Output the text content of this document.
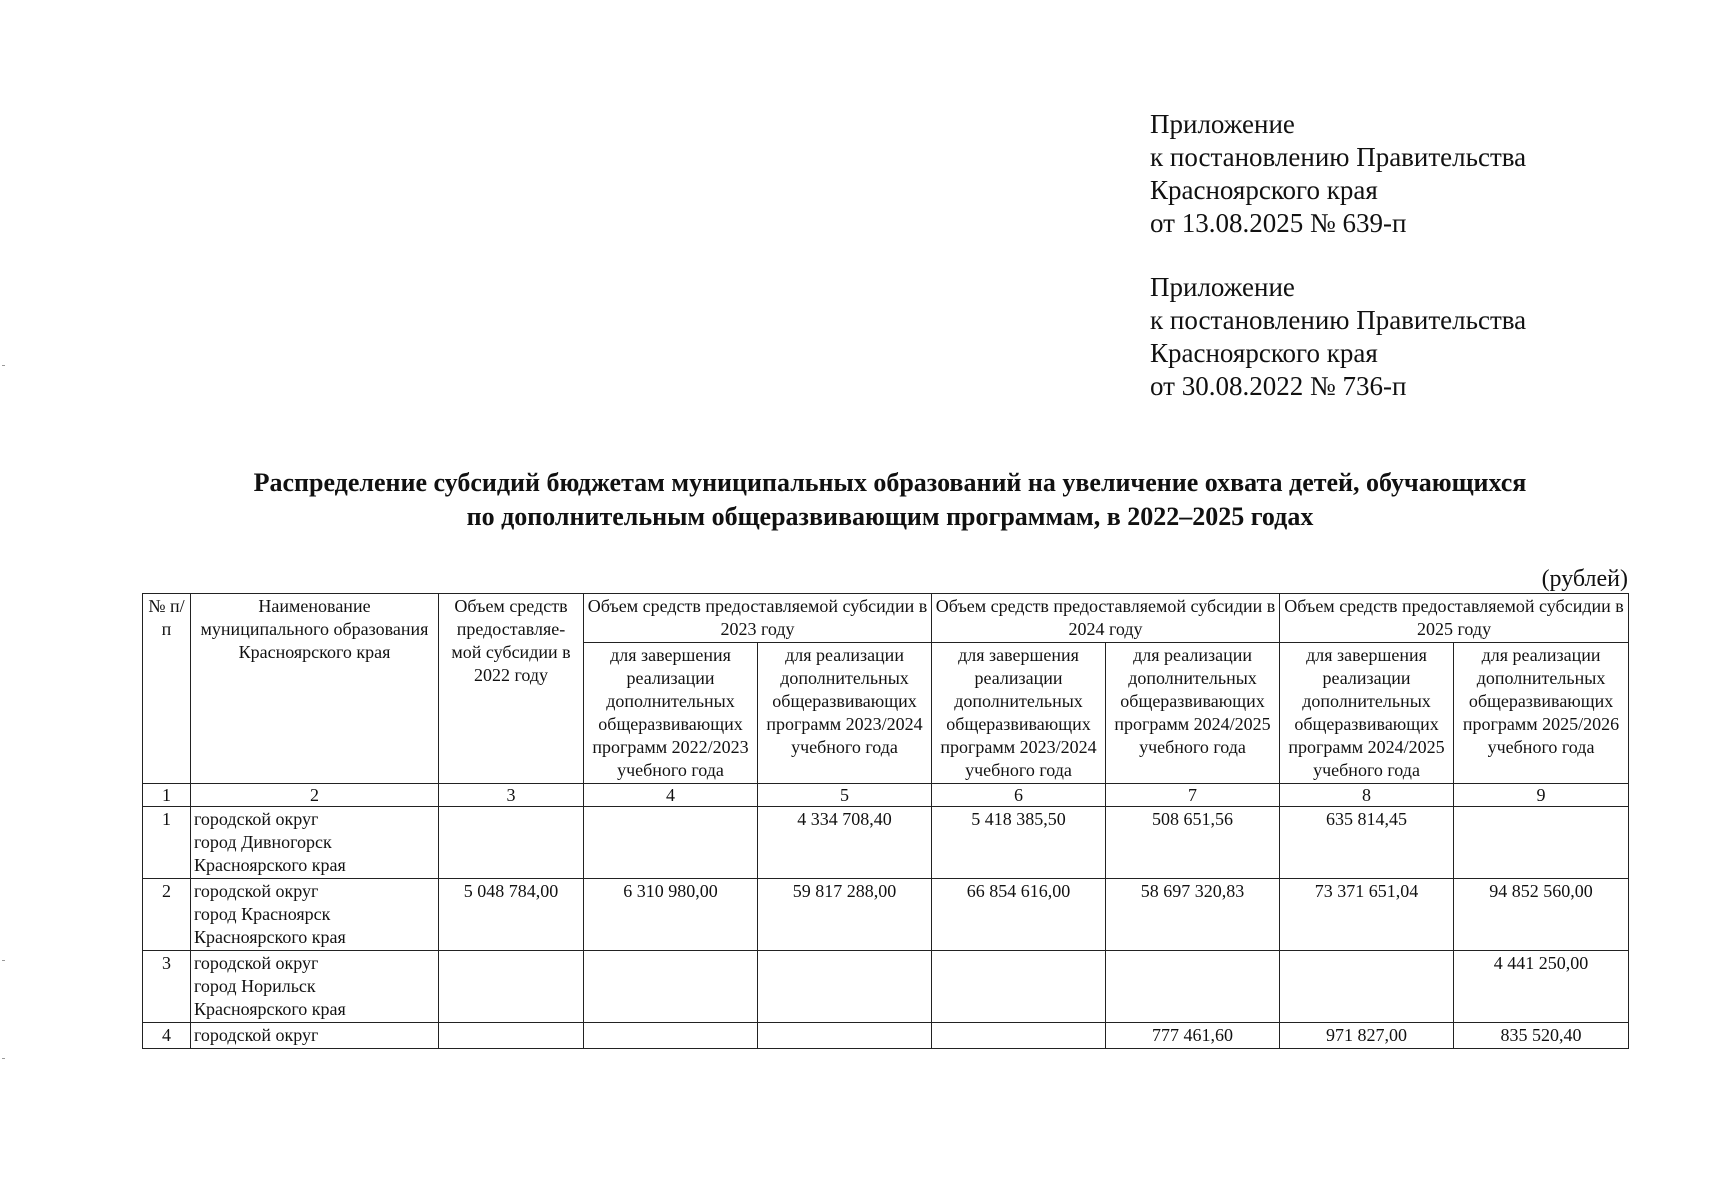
Приложение
к постановлению Правительства
Красноярского края
от 13.08.2025 № 639-п
Приложение
к постановлению Правительства
Красноярского края
от 30.08.2022 № 736-п
Распределение субсидий бюджетам муниципальных образований на увеличение охвата детей, обучающихся
по дополнительным общеразвивающим программам, в 2022–2025 годах
(рублей)
№ п/п	Наименование муниципального образования Красноярского края	Объем средств предоставляе-мой субсидии в 2022 году	Объем средств предоставляемой субсидии в 2023 году		Объем средств предоставляемой субсидии в 2024 году		Объем средств предоставляемой субсидии в 2025 году	
			для завершения реализации дополнительных общеразвивающих программ 2022/2023 учебного года	для реализации дополнительных общеразвивающих программ 2023/2024 учебного года	для завершения реализации дополнительных общеразвивающих программ 2023/2024 учебного года	для реализации дополнительных общеразвивающих программ 2024/2025 учебного года	для завершения реализации дополнительных общеразвивающих программ 2024/2025 учебного года	для реализации дополнительных общеразвивающих программ 2025/2026 учебного года
1	2	3	4	5	6	7	8	9
1	городской округ
город Дивногорск
Красноярского края			4 334 708,40	5 418 385,50	508 651,56	635 814,45	
2	городской округ
город Красноярск
Красноярского края	5 048 784,00	6 310 980,00	59 817 288,00	66 854 616,00	58 697 320,83	73 371 651,04	94 852 560,00
3	городской округ
город Норильск
Красноярского края							4 441 250,00
4	городской округ					777 461,60	971 827,00	835 520,40
